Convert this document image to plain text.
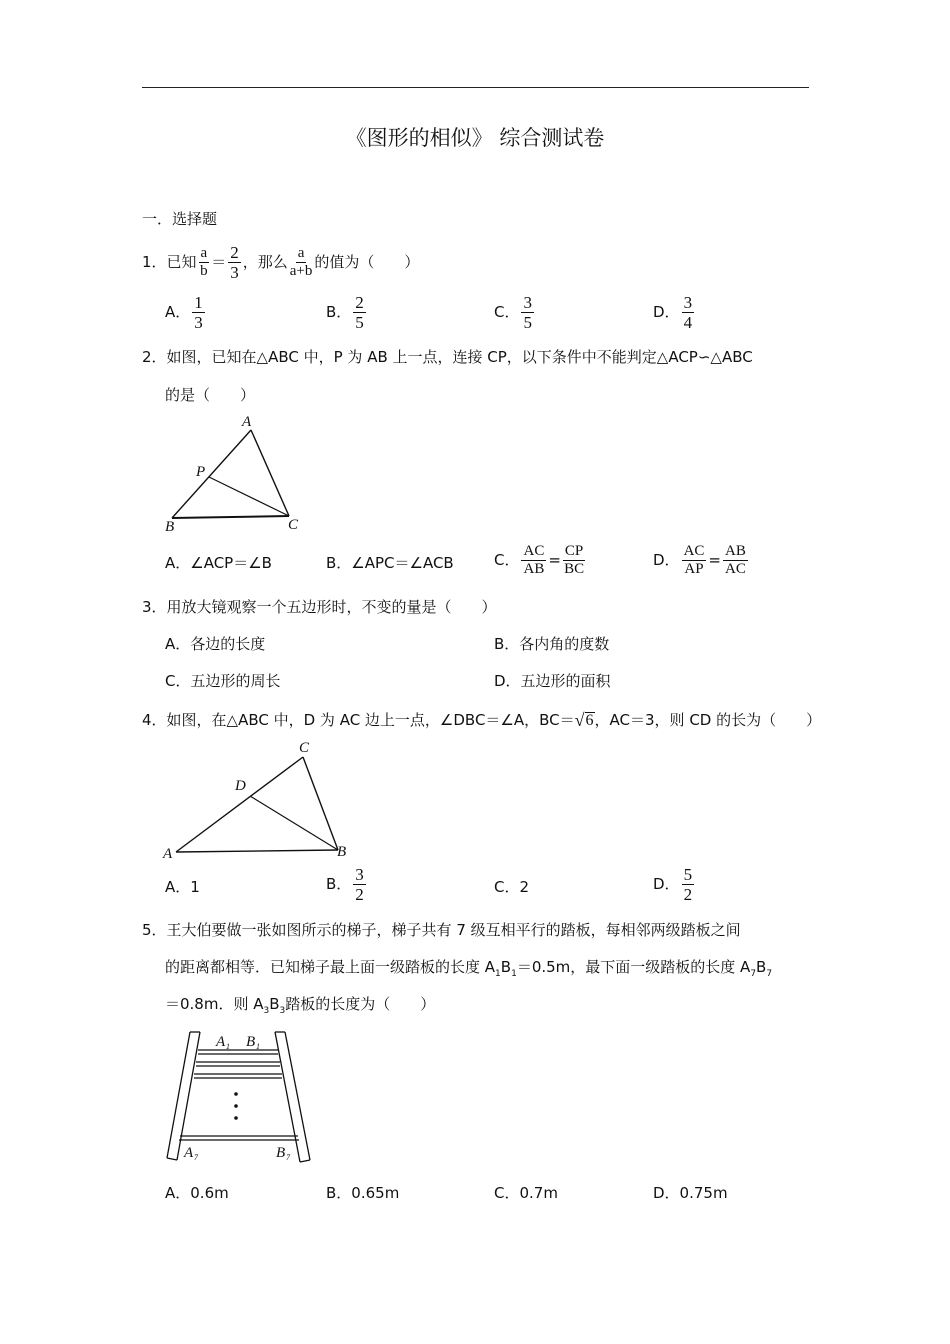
《图形的相似》 综合测试卷
一．选择题
1．已知 $\frac{a}{b} = \frac{2}{3}$ ，那么 $\frac{a}{a+b}$ 的值为（　　）
A． $\frac{1}{3}$	B． $\frac{2}{5}$	C． $\frac{3}{5}$	D． $\frac{3}{4}$
2．如图，已知在△ABC 中，P 为 AB 上一点，连接 CP，以下条件中不能判定△ACP∽△ABC
的是（　　）
A
P
B	C
A．∠ACP＝∠B	B．∠APC＝∠ACB	C． $\frac{AC}{AB} = \frac{CP}{BC}$	D． $\frac{AC}{AP} = \frac{AB}{AC}$
3．用放大镜观察一个五边形时，不变的量是（　　）
A．各边的长度	B．各内角的度数
C．五边形的周长	D．五边形的面积
4．如图，在△ABC 中，D 为 AC 边上一点，∠DBC＝∠A，BC＝ √ 6 ，AC＝3，则 CD 的长为（　　）
C
D
A	B
A．1	B． $\frac{3}{2}$	C．2	D． $\frac{5}{2}$
5．王大伯要做一张如图所示的梯子，梯子共有 7 级互相平行的踏板，每相邻两级踏板之间
的距离都相等．已知梯子最上面一级踏板的长度 $A_1B_1=0.5m$，最下面一级踏板的长度 $A_7B_7$
＝0.8m．则 $A_3B_3$踏板的长度为（　　）
A 1 B 1
A 7	B 7
A．0.6m	B．0.65m	C．0.7m	D．0.75m
